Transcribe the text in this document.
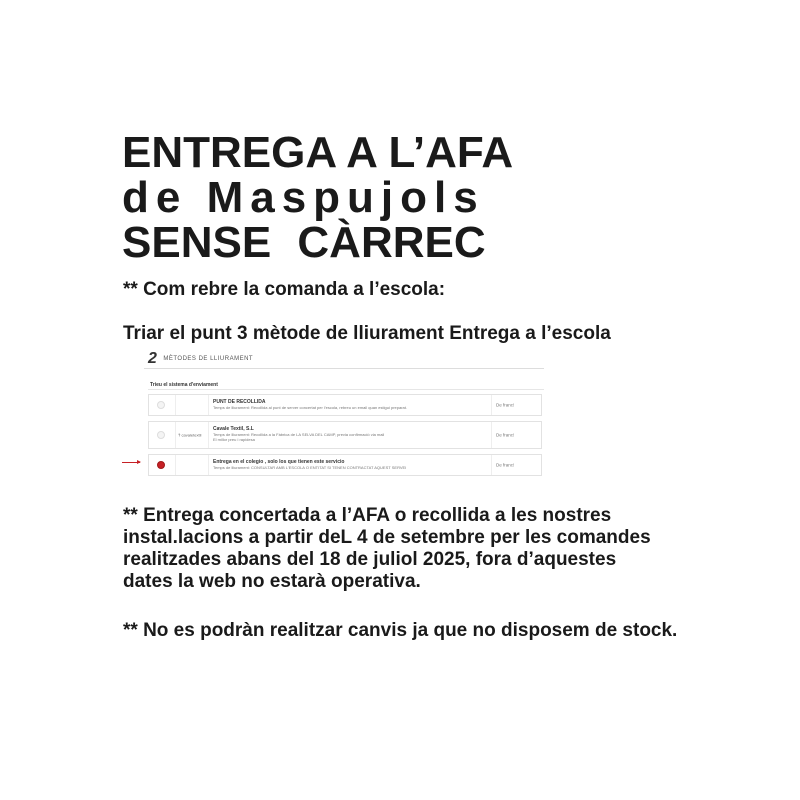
ENTREGA A L’AFA
de Maspujols
SENSE CÀRREC

** Com rebre la comanda a l’escola:

Triar el punt 3 mètode de lliurament Entrega a l’escola

2 MÈTODES DE LLIURAMENT
Trieu el sistema d'enviament
PUNT DE RECOLLIDA
Temps de lliurament: Recollida al punt de server concertat per l'escola, rebreu un email quan estigui preparat.	De franc!
T̃ cavaletextil
Cavale Textil, S.L
Temps de lliurament: Recollida a la Fàbrica de LA SELVA DEL CAMP, previa confirmació via mail
El millor preu i rapidesa
De franc!
Entrega en el colegio , solo los que tienen este servicio
Temps de lliurament: CONSULTAR AMB L'ESCOLA O ENTITAT SI TENEN CONTRACTAT AQUEST SERVEI	De franc!

** Entrega concertada a l’AFA o recollida a les nostres
instal.lacions a partir deL 4 de setembre per les comandes
realitzades abans del 18 de juliol 2025, fora d’aquestes
dates la web no estarà operativa.

** No es podràn realitzar canvis ja que no disposem de stock.
